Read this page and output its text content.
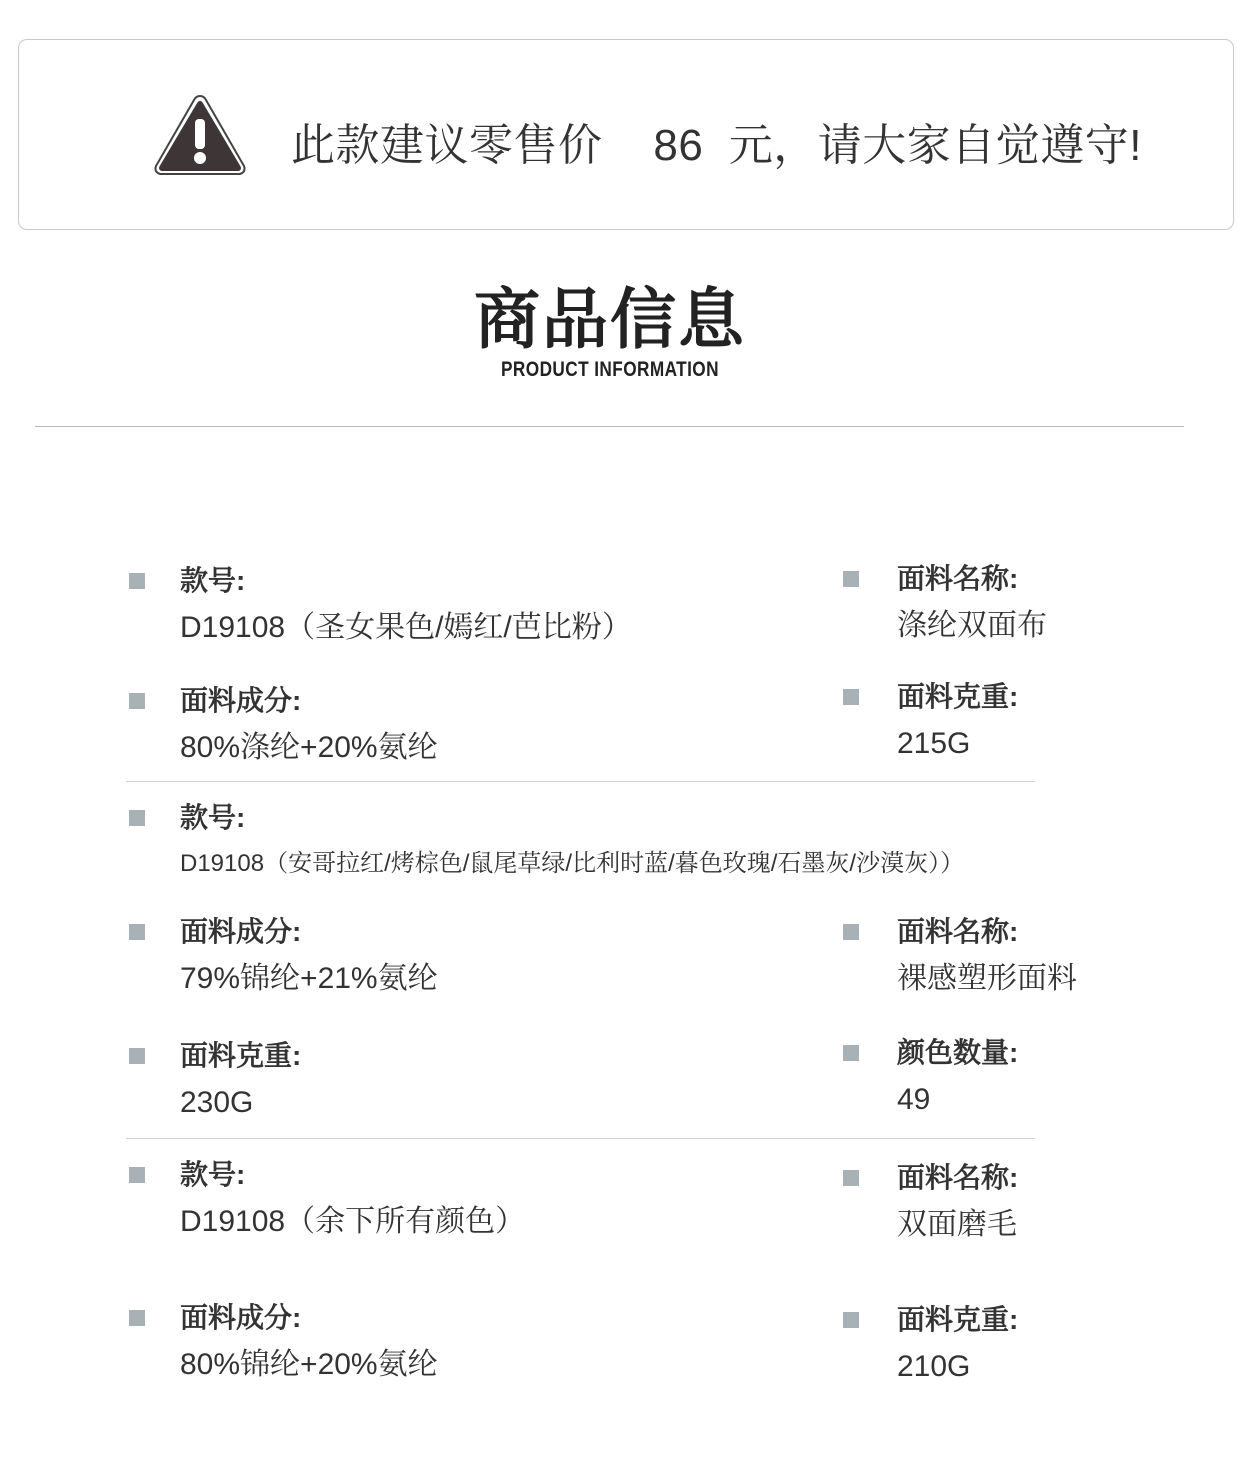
此款建议零售价 86 元，请大家自觉遵守!
商品信息
PRODUCT INFORMATION
款号:
D19108（圣女果色/嫣红/芭比粉）
面料成分:
80%涤纶+20%氨纶
面料名称:
涤纶双面布
面料克重:
215G
款号:
D19108（安哥拉红/烤棕色/鼠尾草绿/比利时蓝/暮色玫瑰/石墨灰/沙漠灰））
面料成分:
79%锦纶+21%氨纶
面料克重:
230G
面料名称:
裸感塑形面料
颜色数量:
49
款号:
D19108（余下所有颜色）
面料成分:
80%锦纶+20%氨纶
面料名称:
双面磨毛
面料克重:
210G
